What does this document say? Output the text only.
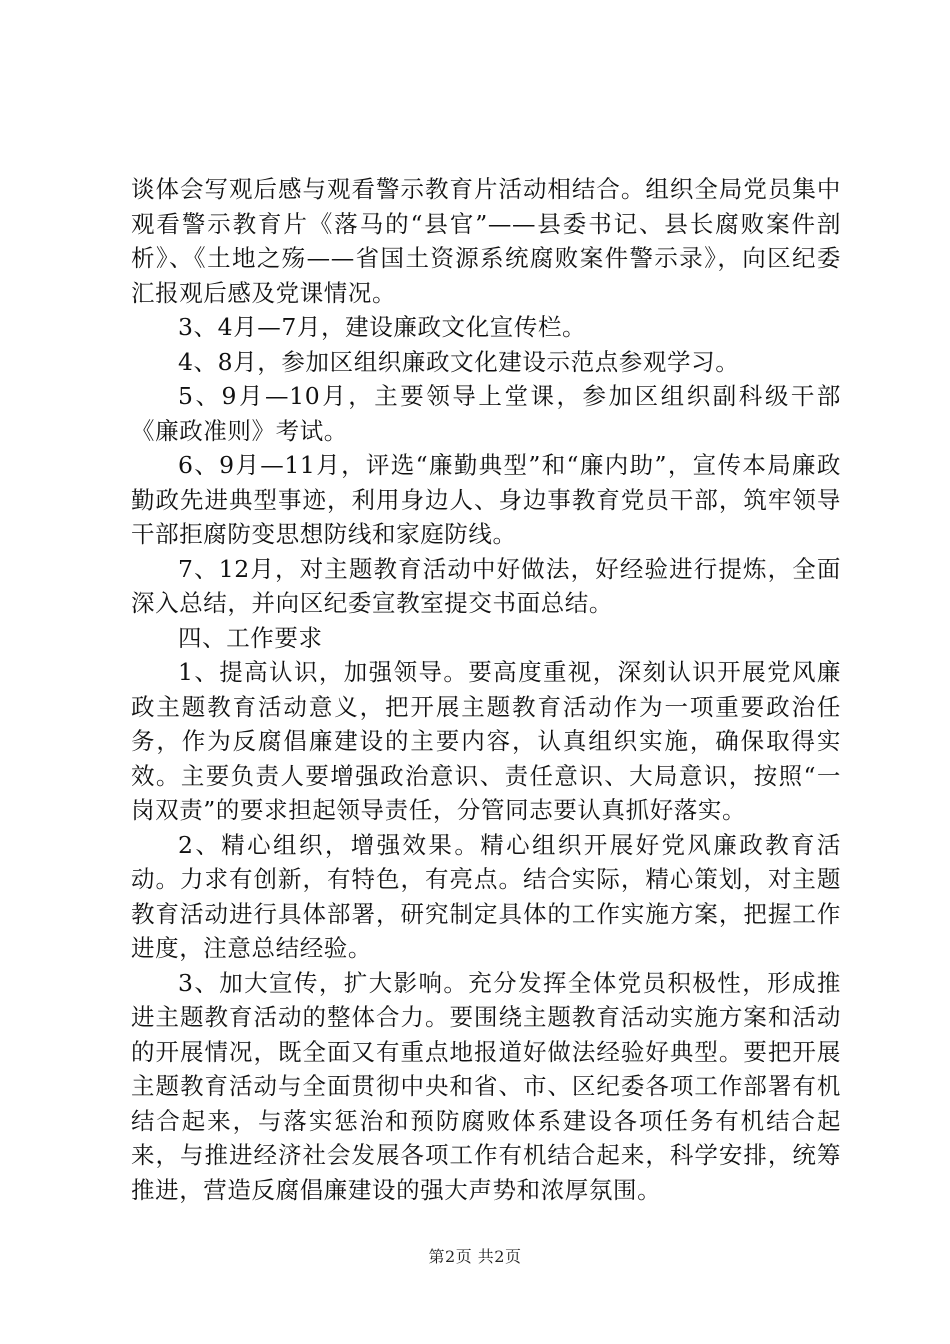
谈体会写观后感与观看警示教育片活动相结合。组织全局党员集中观看警示教育片《落马的“县官”——县委书记、县长腐败案件剖析》、《土地之殇——省国土资源系统腐败案件警示录》，向区纪委汇报观后感及党课情况。

3、4月—7月，建设廉政文化宣传栏。

4、8月，参加区组织廉政文化建设示范点参观学习。

5、9月—10月，主要领导上堂课，参加区组织副科级干部《廉政准则》考试。

6、9月—11月，评选“廉勤典型”和“廉内助”，宣传本局廉政勤政先进典型事迹，利用身边人、身边事教育党员干部，筑牢领导干部拒腐防变思想防线和家庭防线。

7、12月，对主题教育活动中好做法，好经验进行提炼，全面深入总结，并向区纪委宣教室提交书面总结。

四、工作要求

1、提高认识，加强领导。要高度重视，深刻认识开展党风廉政主题教育活动意义，把开展主题教育活动作为一项重要政治任务，作为反腐倡廉建设的主要内容，认真组织实施，确保取得实效。主要负责人要增强政治意识、责任意识、大局意识，按照“一岗双责”的要求担起领导责任，分管同志要认真抓好落实。

2、精心组织，增强效果。精心组织开展好党风廉政教育活动。力求有创新，有特色，有亮点。结合实际，精心策划，对主题教育活动进行具体部署，研究制定具体的工作实施方案，把握工作进度，注意总结经验。

3、加大宣传，扩大影响。充分发挥全体党员积极性，形成推进主题教育活动的整体合力。要围绕主题教育活动实施方案和活动的开展情况，既全面又有重点地报道好做法经验好典型。要把开展主题教育活动与全面贯彻中央和省、市、区纪委各项工作部署有机结合起来，与落实惩治和预防腐败体系建设各项任务有机结合起来，与推进经济社会发展各项工作有机结合起来，科学安排，统筹推进，营造反腐倡廉建设的强大声势和浓厚氛围。

第2页 共2页
